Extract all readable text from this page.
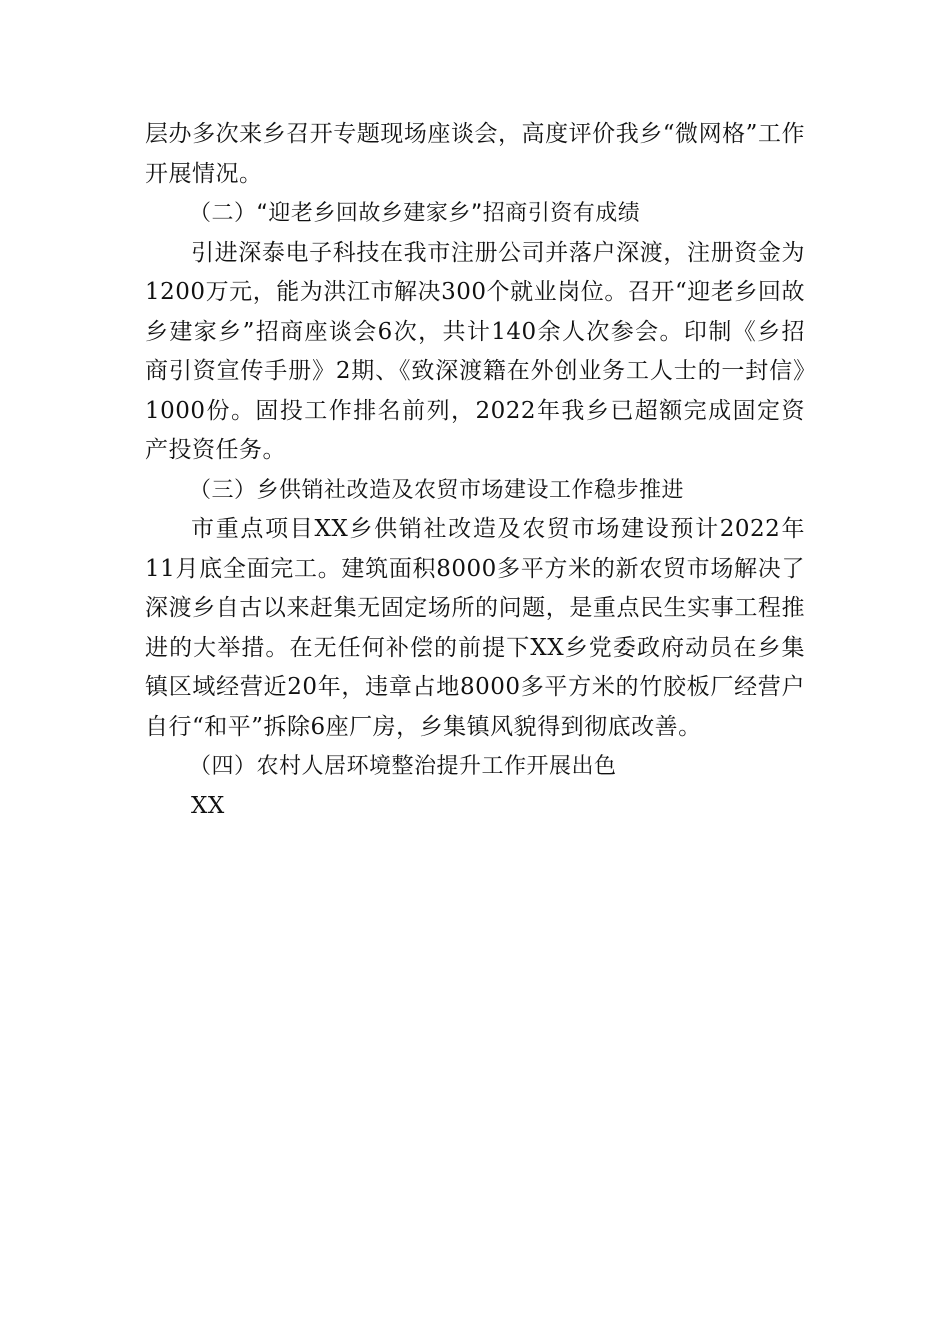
层办多次来乡召开专题现场座谈会，高度评价我乡“微网格”工作开展情况。

（二）“迎老乡回故乡建家乡”招商引资有成绩

引进深泰电子科技在我市注册公司并落户深渡，注册资金为1200万元，能为洪江市解决300个就业岗位。召开“迎老乡回故乡建家乡”招商座谈会6次，共计140余人次参会。印制《乡招商引资宣传手册》2期、《致深渡籍在外创业务工人士的一封信》1000份。固投工作排名前列，2022年我乡已超额完成固定资产投资任务。

（三）乡供销社改造及农贸市场建设工作稳步推进

市重点项目XX乡供销社改造及农贸市场建设预计2022年11月底全面完工。建筑面积8000多平方米的新农贸市场解决了深渡乡自古以来赶集无固定场所的问题，是重点民生实事工程推进的大举措。在无任何补偿的前提下XX乡党委政府动员在乡集镇区域经营近20年，违章占地8000多平方米的竹胶板厂经营户自行“和平”拆除6座厂房，乡集镇风貌得到彻底改善。

（四）农村人居环境整治提升工作开展出色

XX
